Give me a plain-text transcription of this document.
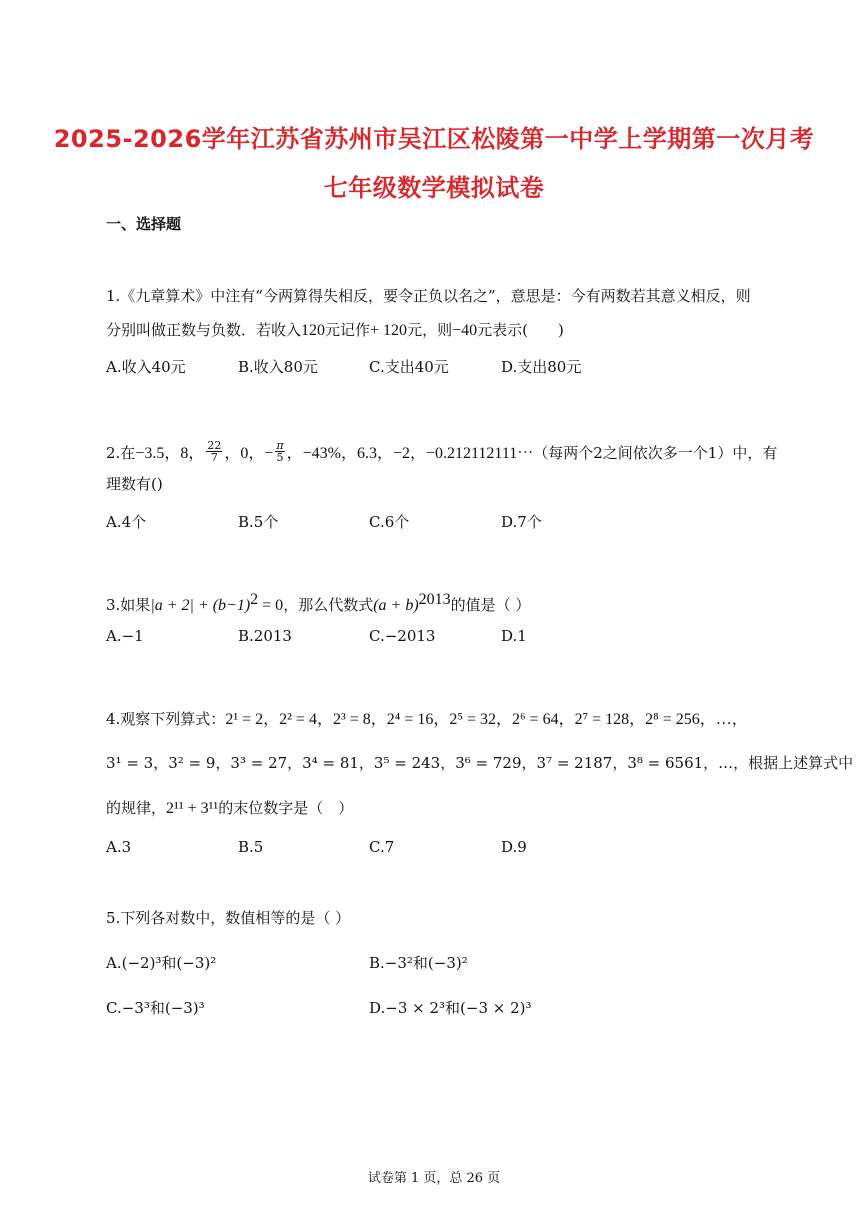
2025-2026学年江苏省苏州市吴江区松陵第一中学上学期第一次月考
七年级数学模拟试卷
一、选择题
1.《九章算术》中注有“今两算得失相反，要令正负以名之”，意思是：今有两数若其意义相反，则
分别叫做正数与负数．若收入120元记作+ 120元，则−40元表示(　　)
A.收入40元	B.收入80元	C.支出40元	D.支出80元
2.在−3.5，8， $\frac{22}{7}$ ，0，− $\frac{\pi}{5}$ ，−43%，6.3，−2，−0.212112111⋯（每两个2之间依次多一个1）中，有
理数有()
A.4个	B.5个	C.6个	D.7个
3.如果$|a + 2| + (b-1)^2 = 0$，那么代数式$(a + b)^{2013}$的值是（ ）
A.−1	B.2013	C.−2013	D.1
4.观察下列算式：2¹ = 2，2² = 4，2³ = 8，2⁴ = 16，2⁵ = 32，2⁶ = 64，2⁷ = 128，2⁸ = 256，…，
3¹ = 3，3² = 9，3³ = 27，3⁴ = 81，3⁵ = 243，3⁶ = 729，3⁷ = 2187，3⁸ = 6561，…，根据上述算式中
的规律，2¹¹ + 3¹¹的末位数字是（　）
A.3	B.5	C.7	D.9
5.下列各对数中，数值相等的是（ ）
A.(−2)³和(−3)²	B.−3²和(−3)²
C.−3³和(−3)³	D.−3 × 2³和(−3 × 2)³
试卷第 1 页，总 26 页
